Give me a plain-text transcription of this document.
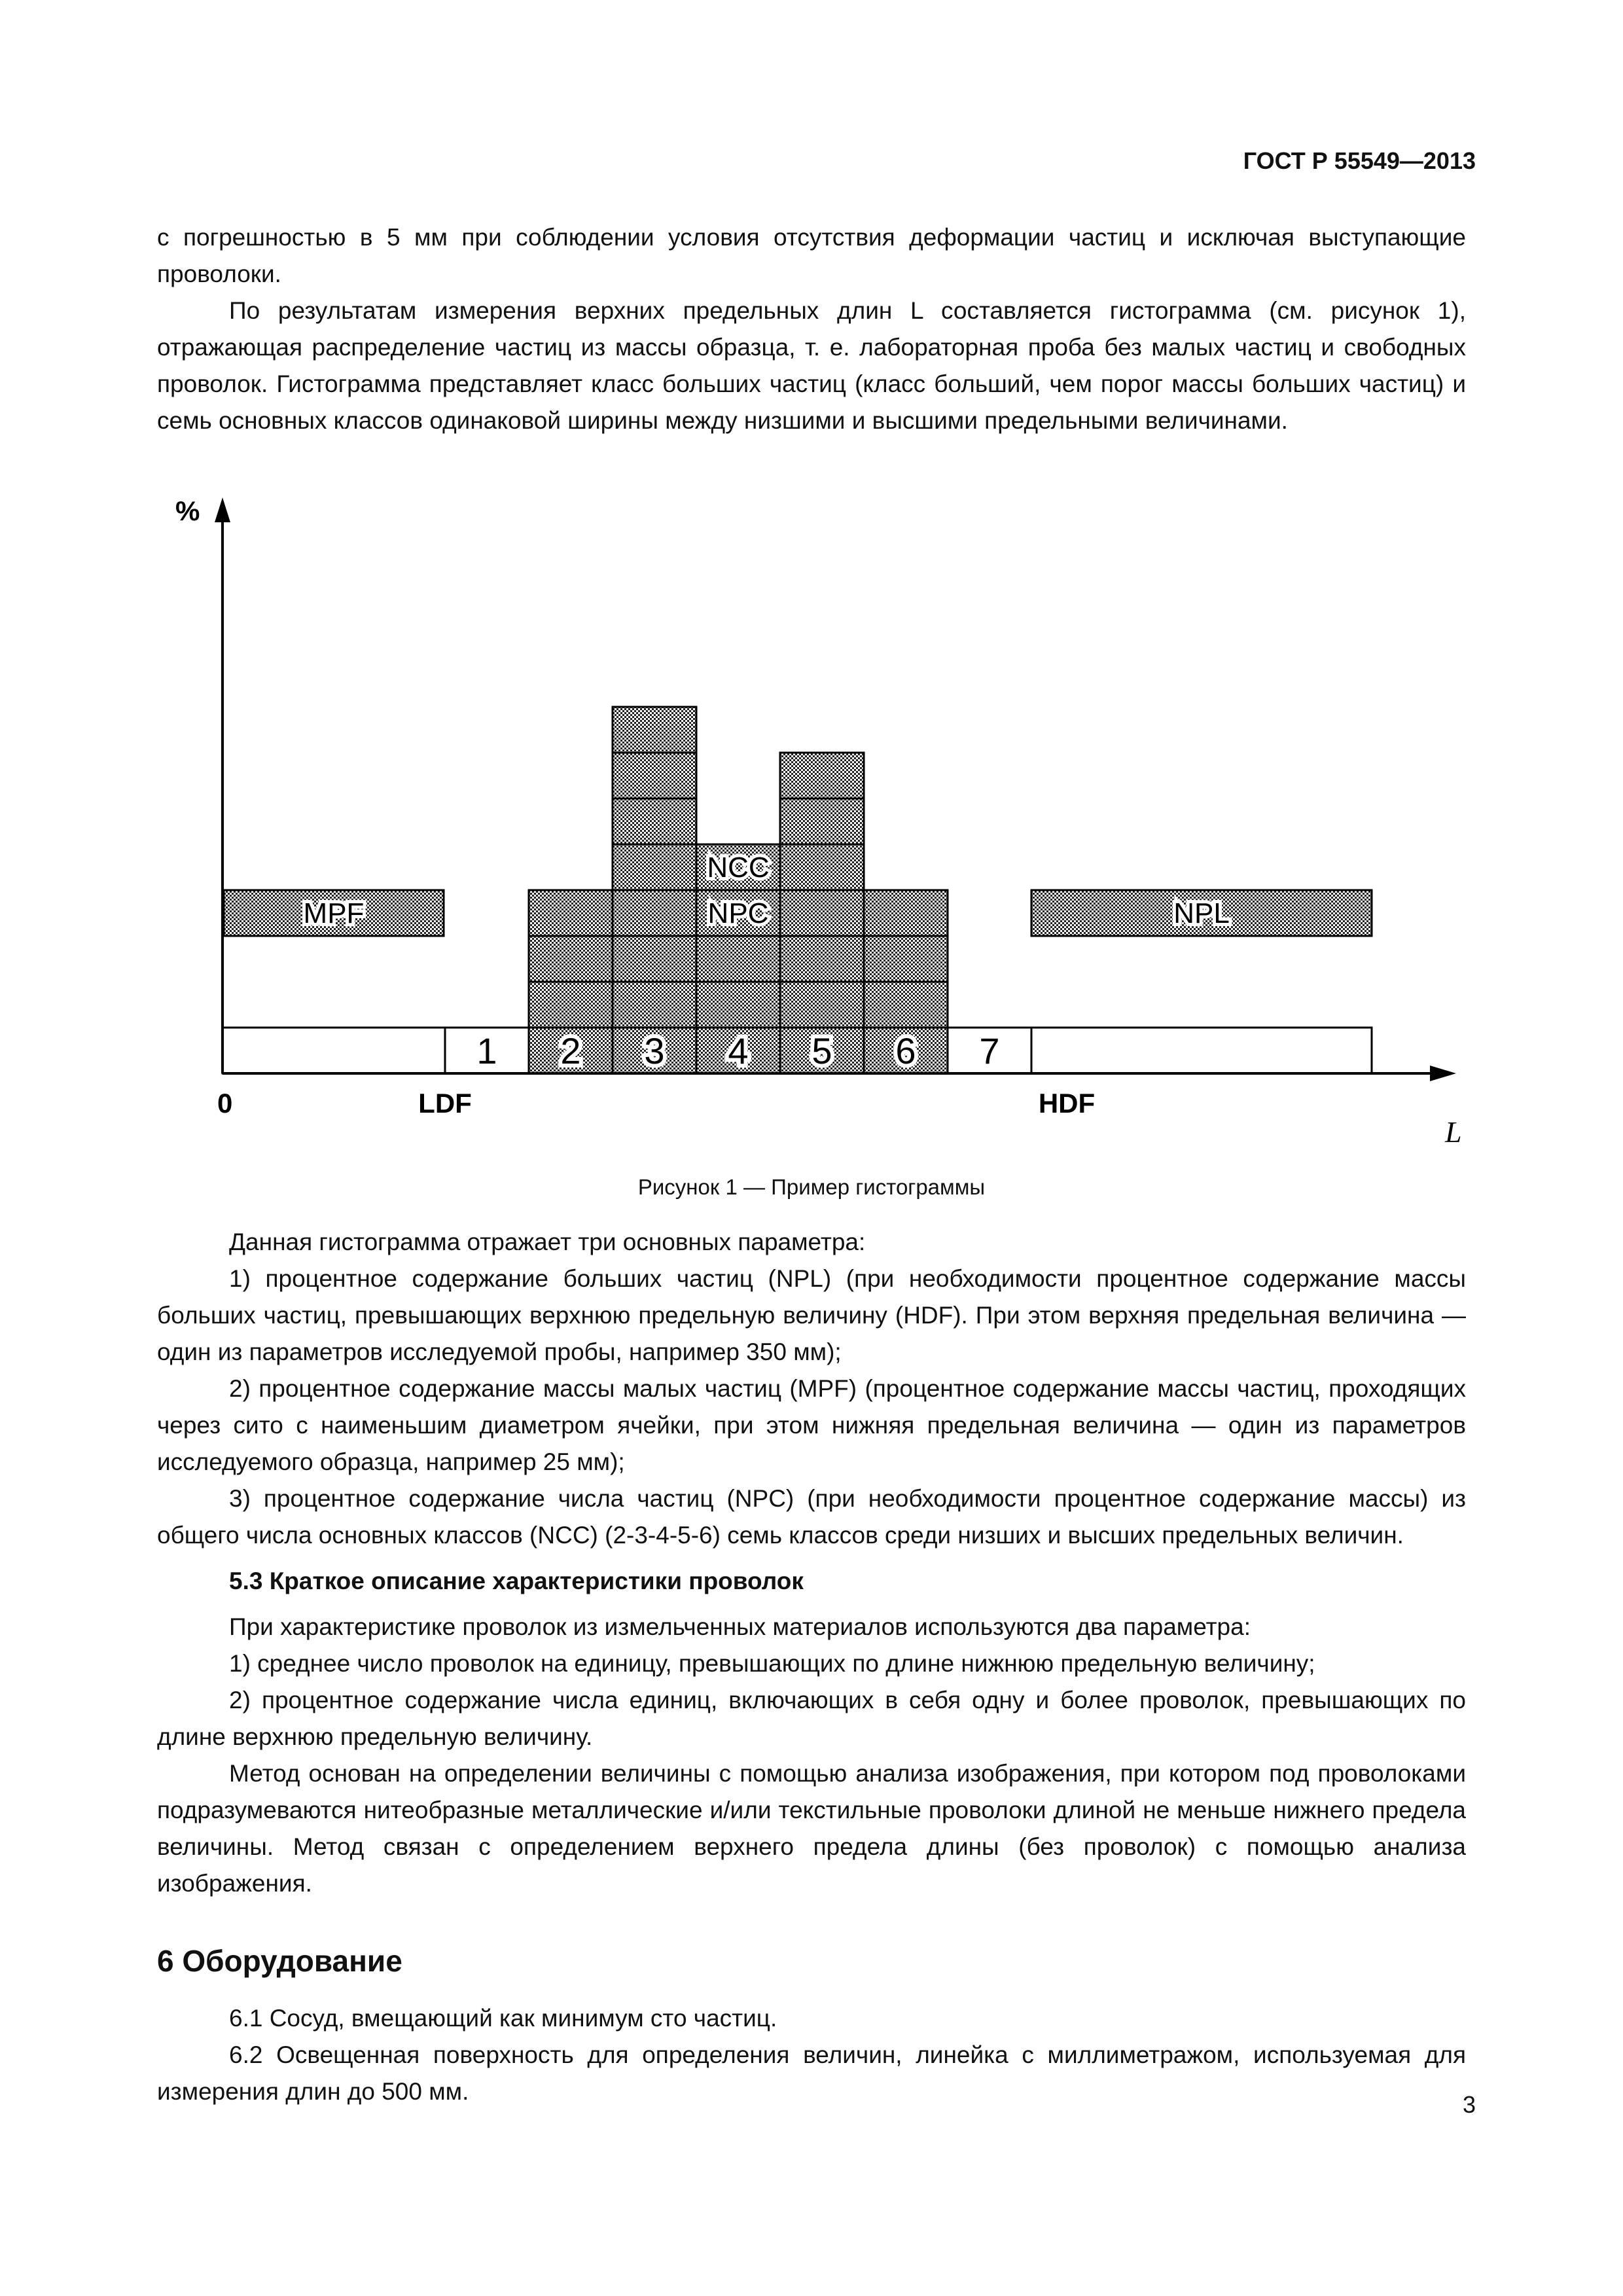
ГОСТ Р 55549—2013

с погрешностью в 5 мм при соблюдении условия отсутствия деформации частиц и исключая выступающие проволоки.

По результатам измерения верхних предельных длин L составляется гистограмма (см. рисунок 1), отражающая распределение частиц из массы образца, т. е. лабораторная проба без малых частиц и свободных проволок. Гистограмма представляет класс больших частиц (класс больший, чем порог массы больших частиц) и семь основных классов одинаковой ширины между низшими и высшими предельными величинами.

MPF	NPC
NCC
NPL
1 2 3 4 5 6 7
%
0	LDF	HDF
L
Рисунок 1 — Пример гистограммы

Данная гистограмма отражает три основных параметра:

1) процентное содержание больших частиц (NPL) (при необходимости процентное содержание массы больших частиц, превышающих верхнюю предельную величину (HDF). При этом верхняя предельная величина — один из параметров исследуемой пробы, например 350 мм);

2) процентное содержание массы малых частиц (MPF) (процентное содержание массы частиц, проходящих через сито с наименьшим диаметром ячейки, при этом нижняя предельная величина — один из параметров исследуемого образца, например 25 мм);

3) процентное содержание числа частиц (NPC) (при необходимости процентное содержание массы) из общего числа основных классов (NCC) (2-3-4-5-6) семь классов среди низших и высших предельных величин.

5.3 Краткое описание характеристики проволок

При характеристике проволок из измельченных материалов используются два параметра:

1) среднее число проволок на единицу, превышающих по длине нижнюю предельную величину;

2) процентное содержание числа единиц, включающих в себя одну и более проволок, превышающих по длине верхнюю предельную величину.

Метод основан на определении величины с помощью анализа изображения, при котором под проволоками подразумеваются нитеобразные металлические и/или текстильные проволоки длиной не меньше нижнего предела величины. Метод связан с определением верхнего предела длины (без проволок) с помощью анализа изображения.

6 Оборудование

6.1 Сосуд, вмещающий как минимум сто частиц.

6.2 Освещенная поверхность для определения величин, линейка с миллиметражом, используемая для измерения длин до 500 мм.	3
